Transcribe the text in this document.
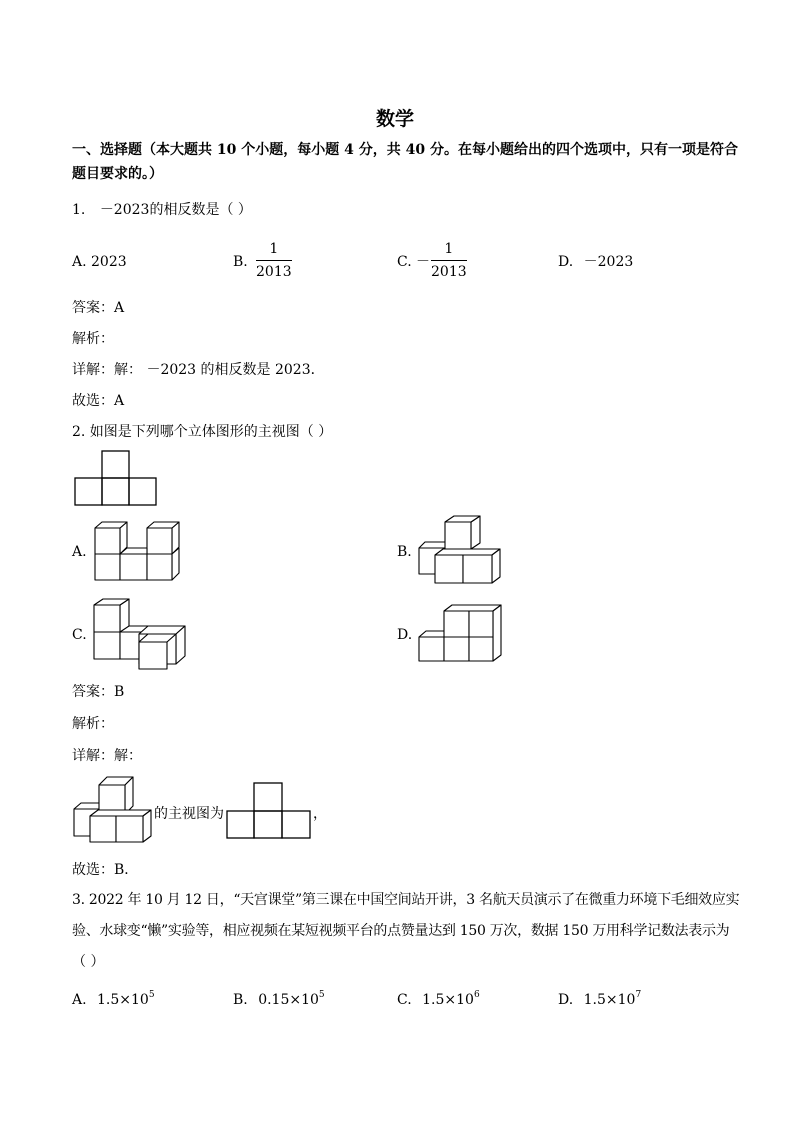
数学
一、选择题（本大题共 10 个小题，每小题 4 分，共 40 分。在每小题给出的四个选项中，只有一项是符合
题目要求的。）
1. －2023的相反数是（ ）
A. 2023	B.
1
2013
C. －
1
2013
D. －2023
答案：A
解析：
详解：解： －2023 的相反数是 2023．
故选：A
2. 如图是下列哪个立体图形的主视图（ ）
A.	B.
C.	D.
答案：B
解析：
详解：解：
的主视图为	，
故选：B．
3. 2022 年 10 月 12 日，“天宫课堂”第三课在中国空间站开讲，3 名航天员演示了在微重力环境下毛细效应实
验、水球变“懒”实验等，相应视频在某短视频平台的点赞量达到 150 万次，数据 150 万用科学记数法表示为
（ ）
A. $1.5\times 10^5$	B. $0.15\times 10^5$	C. $1.5\times 10^6$	D. $1.5\times 10^7$
